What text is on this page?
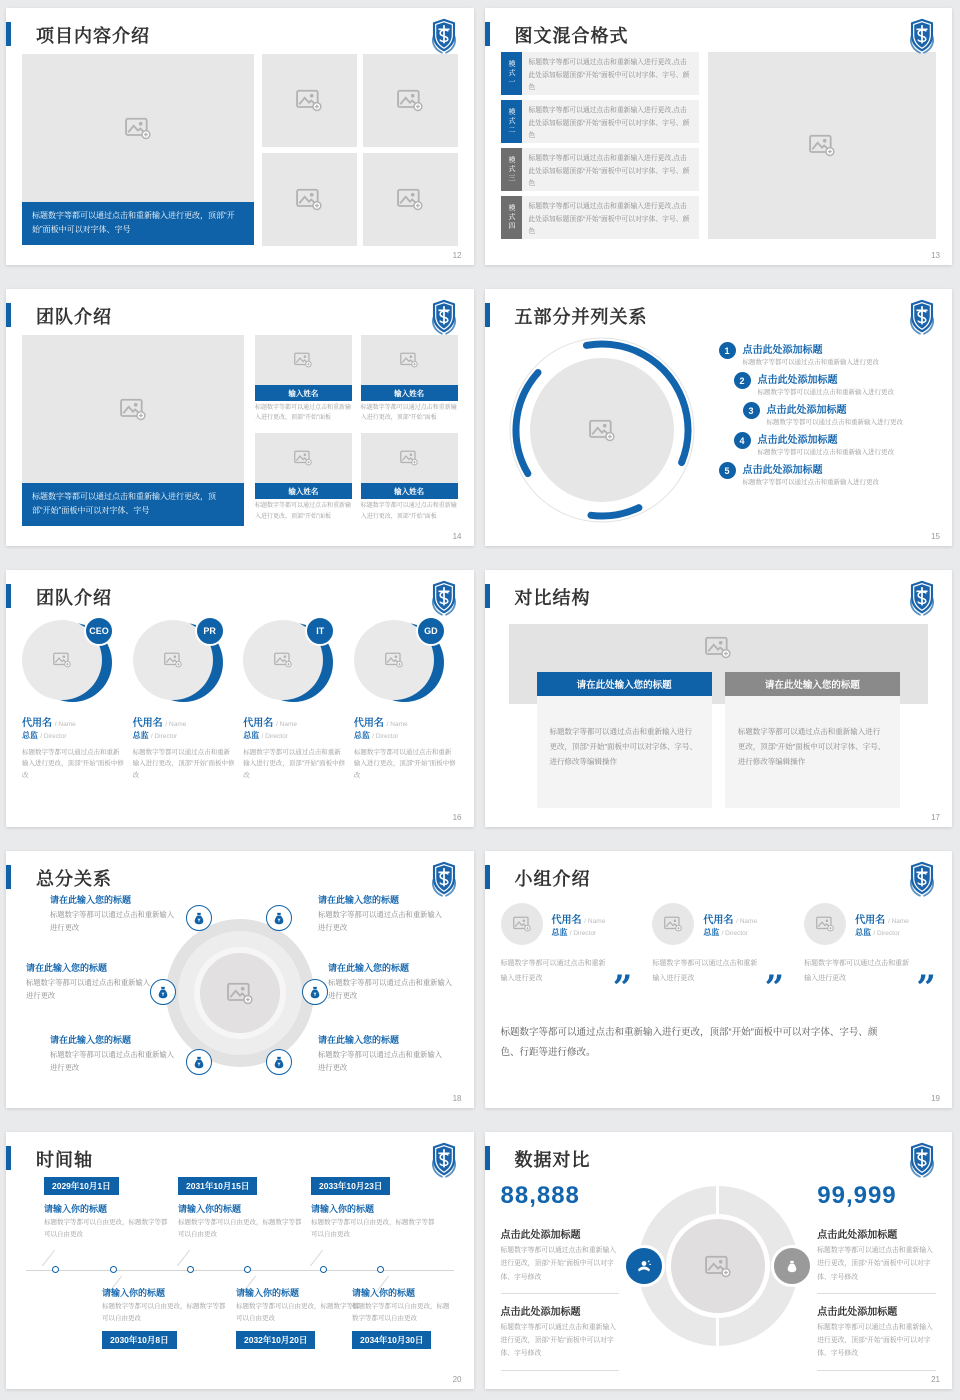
项目内容介绍
标题数字等都可以通过点击和重新输入进行更改，顶部“开始”面板中可以对字体、字号
12
图文混合格式
模式一	标题数字等都可以通过点击和重新输入进行更改,点击此处添加标题顶部“开始”面板中可以对字体、字号、颜色
模式二	标题数字等都可以通过点击和重新输入进行更改,点击此处添加标题顶部“开始”面板中可以对字体、字号、颜色
模式三	标题数字等都可以通过点击和重新输入进行更改,点击此处添加标题顶部“开始”面板中可以对字体、字号、颜色
模式四	标题数字等都可以通过点击和重新输入进行更改,点击此处添加标题顶部“开始”面板中可以对字体、字号、颜色
13
团队介绍
标题数字等都可以通过点击和重新输入进行更改，顶部“开始”面板中可以对字体、字号
输入姓名

标题数字等都可以通过点击和重新输入进行更改，顶部“开始”面板

输入姓名

标题数字等都可以通过点击和重新输入进行更改，顶部“开始”面板

输入姓名

标题数字等都可以通过点击和重新输入进行更改，顶部“开始”面板

输入姓名

标题数字等都可以通过点击和重新输入进行更改，顶部“开始”面板

14
五部分并列关系
1	点击此处添加标题
标题数字等都可以通过点击和重新输入进行更改
2	点击此处添加标题
标题数字等都可以通过点击和重新输入进行更改
3	点击此处添加标题
标题数字等都可以通过点击和重新输入进行更改
4	点击此处添加标题
标题数字等都可以通过点击和重新输入进行更改
5	点击此处添加标题
标题数字等都可以通过点击和重新输入进行更改
15
团队介绍
CEO
代用名 / Name
总监 / Director

标题数字等都可以通过点击和重新输入进行更改，顶部“开始”面板中修改

PR
代用名 / Name
总监 / Director

标题数字等都可以通过点击和重新输入进行更改，顶部“开始”面板中修改

IT
代用名 / Name
总监 / Director

标题数字等都可以通过点击和重新输入进行更改，顶部“开始”面板中修改

GD
代用名 / Name
总监 / Director

标题数字等都可以通过点击和重新输入进行更改，顶部“开始”面板中修改

16
对比结构
请在此处输入您的标题
标题数字等都可以通过点击和重新输入进行更改，顶部“开始”面板中可以对字体、字号、进行修改等编辑操作
请在此处输入您的标题
标题数字等都可以通过点击和重新输入进行更改，顶部“开始”面板中可以对字体、字号、进行修改等编辑操作
17
总分关系
请在此输入您的标题
标题数字等都可以通过点击和重新输入进行更改
请在此输入您的标题
标题数字等都可以通过点击和重新输入进行更改
请在此输入您的标题
标题数字等都可以通过点击和重新输入进行更改
请在此输入您的标题
标题数字等都可以通过点击和重新输入进行更改
请在此输入您的标题
标题数字等都可以通过点击和重新输入进行更改
请在此输入您的标题
标题数字等都可以通过点击和重新输入进行更改
18
小组介绍
代用名 / Name
总监 / Director

标题数字等都可以通过点击和重新输入进行更改	”
代用名 / Name
总监 / Director

标题数字等都可以通过点击和重新输入进行更改	”
代用名 / Name
总监 / Director

标题数字等都可以通过点击和重新输入进行更改	”

标题数字等都可以通过点击和重新输入进行更改，顶部“开始”面板中可以对字体、字号、颜色、行距等进行修改。

19
时间轴
2029年10月1日
请输入你的标题
标题数字等都可以自由更改，标题数字等都可以自由更改
2031年10月15日
请输入你的标题
标题数字等都可以自由更改，标题数字等都可以自由更改
2033年10月23日
请输入你的标题
标题数字等都可以自由更改，标题数字等都可以自由更改
请输入你的标题
标题数字等都可以自由更改，标题数字等都可以自由更改
2030年10月8日
请输入你的标题
标题数字等都可以自由更改，标题数字等都可以自由更改
2032年10月20日
请输入你的标题
标题数字等都可以自由更改，标题数字等都可以自由更改
2034年10月30日
20
数据对比
88,888
点击此处添加标题
标题数字等都可以通过点击和重新输入进行更改，顶部“开始”面板中可以对字体、字号修改
点击此处添加标题
标题数字等都可以通过点击和重新输入进行更改，顶部“开始”面板中可以对字体、字号修改
99,999
点击此处添加标题
标题数字等都可以通过点击和重新输入进行更改，顶部“开始”面板中可以对字体、字号修改
点击此处添加标题
标题数字等都可以通过点击和重新输入进行更改，顶部“开始”面板中可以对字体、字号修改
21
